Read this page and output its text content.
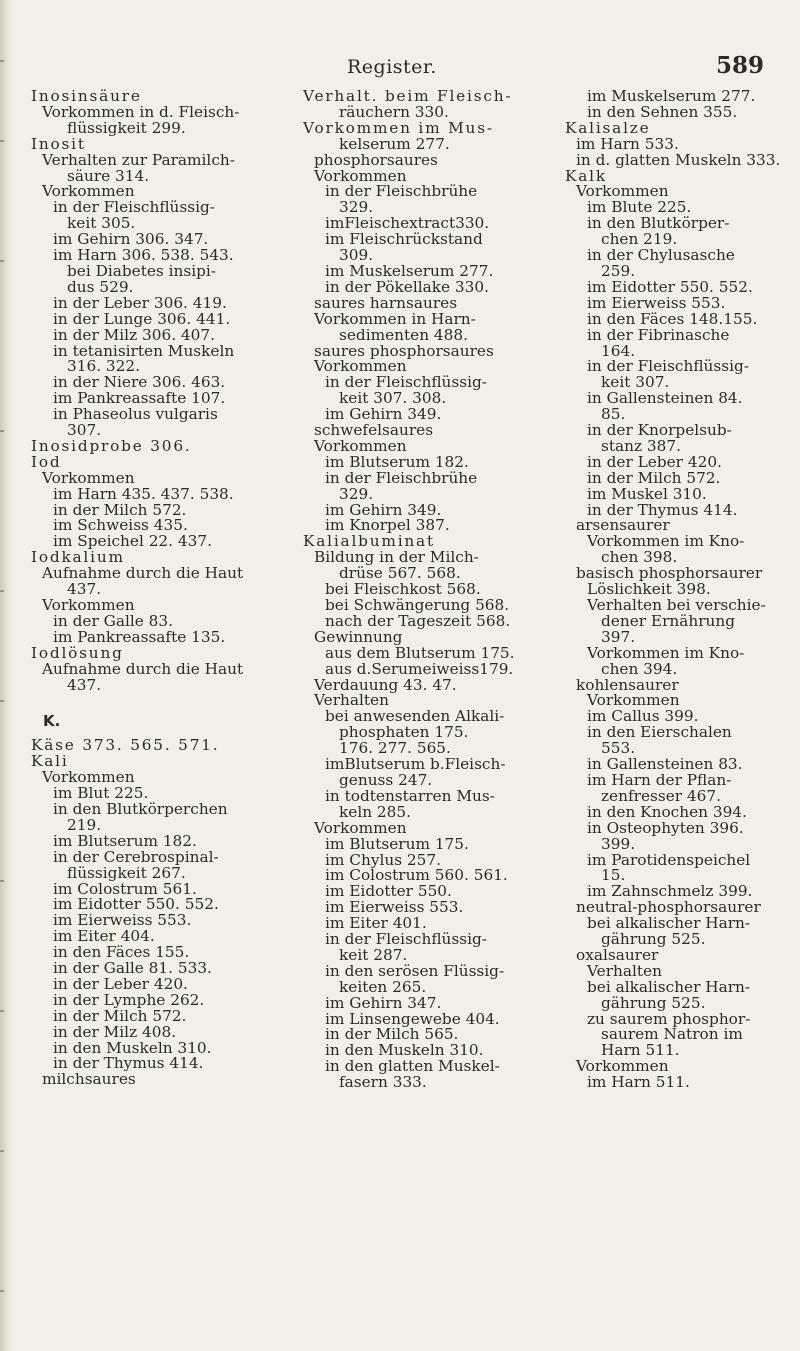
Register.	589
Inosinsäure
Vorkommen in d. Fleisch-
flüssigkeit 299.
Inosit
Verhalten zur Paramilch-
säure 314.
Vorkommen
in der Fleischflüssig-
keit 305.
im Gehirn 306. 347.
im Harn 306. 538. 543.
bei Diabetes insipi-
dus 529.
in der Leber 306. 419.
in der Lunge 306. 441.
in der Milz 306. 407.
in tetanisirten Muskeln
316. 322.
in der Niere 306. 463.
im Pankreassafte 107.
in Phaseolus vulgaris
307.
Inosidprobe 306.
Iod
Vorkommen
im Harn 435. 437. 538.
in der Milch 572.
im Schweiss 435.
im Speichel 22. 437.
Iodkalium
Aufnahme durch die Haut
437.
Vorkommen
in der Galle 83.
im Pankreassafte 135.
Iodlösung
Aufnahme durch die Haut
437.
K.
Käse 373. 565. 571.
Kali
Vorkommen
im Blut 225.
in den Blutkörperchen
219.
im Blutserum 182.
in der Cerebrospinal-
flüssigkeit 267.
im Colostrum 561.
im Eidotter 550. 552.
im Eierweiss 553.
im Eiter 404.
in den Fäces 155.
in der Galle 81. 533.
in der Leber 420.
in der Lymphe 262.
in der Milch 572.
in der Milz 408.
in den Muskeln 310.
in der Thymus 414.
milchsaures
Verhalt. beim Fleisch-
räuchern 330.
Vorkommen im Mus-
kelserum 277.
phosphorsaures
Vorkommen
in der Fleischbrühe
329.
imFleischextract330.
im Fleischrückstand
309.
im Muskelserum 277.
in der Pökellake 330.
saures harnsaures
Vorkommen in Harn-
sedimenten 488.
saures phosphorsaures
Vorkommen
in der Fleischflüssig-
keit 307. 308.
im Gehirn 349.
schwefelsaures
Vorkommen
im Blutserum 182.
in der Fleischbrühe
329.
im Gehirn 349.
im Knorpel 387.
Kalialbuminat
Bildung in der Milch-
drüse 567. 568.
bei Fleischkost 568.
bei Schwängerung 568.
nach der Tageszeit 568.
Gewinnung
aus dem Blutserum 175.
aus d.Serumeiweiss179.
Verdauung 43. 47.
Verhalten
bei anwesenden Alkali-
phosphaten 175.
176. 277. 565.
imBlutserum b.Fleisch-
genuss 247.
in todtenstarren Mus-
keln 285.
Vorkommen
im Blutserum 175.
im Chylus 257.
im Colostrum 560. 561.
im Eidotter 550.
im Eierweiss 553.
im Eiter 401.
in der Fleischflüssig-
keit 287.
in den serösen Flüssig-
keiten 265.
im Gehirn 347.
im Linsengewebe 404.
in der Milch 565.
in den Muskeln 310.
in den glatten Muskel-
fasern 333.
im Muskelserum 277.
in den Sehnen 355.
Kalisalze
im Harn 533.
in d. glatten Muskeln 333.
Kalk
Vorkommen
im Blute 225.
in den Blutkörper-
chen 219.
in der Chylusasche
259.
im Eidotter 550. 552.
im Eierweiss 553.
in den Fäces 148.155.
in der Fibrinasche
164.
in der Fleischflüssig-
keit 307.
in Gallensteinen 84.
85.
in der Knorpelsub-
stanz 387.
in der Leber 420.
in der Milch 572.
im Muskel 310.
in der Thymus 414.
arsensaurer
Vorkommen im Kno-
chen 398.
basisch phosphorsaurer
Löslichkeit 398.
Verhalten bei verschie-
dener Ernährung
397.
Vorkommen im Kno-
chen 394.
kohlensaurer
Vorkommen
im Callus 399.
in den Eierschalen
553.
in Gallensteinen 83.
im Harn der Pflan-
zenfresser 467.
in den Knochen 394.
in Osteophyten 396.
399.
im Parotidenspeichel
15.
im Zahnschmelz 399.
neutral-phosphorsaurer
bei alkalischer Harn-
gährung 525.
oxalsaurer
Verhalten
bei alkalischer Harn-
gährung 525.
zu saurem phosphor-
saurem Natron im
Harn 511.
Vorkommen
im Harn 511.
